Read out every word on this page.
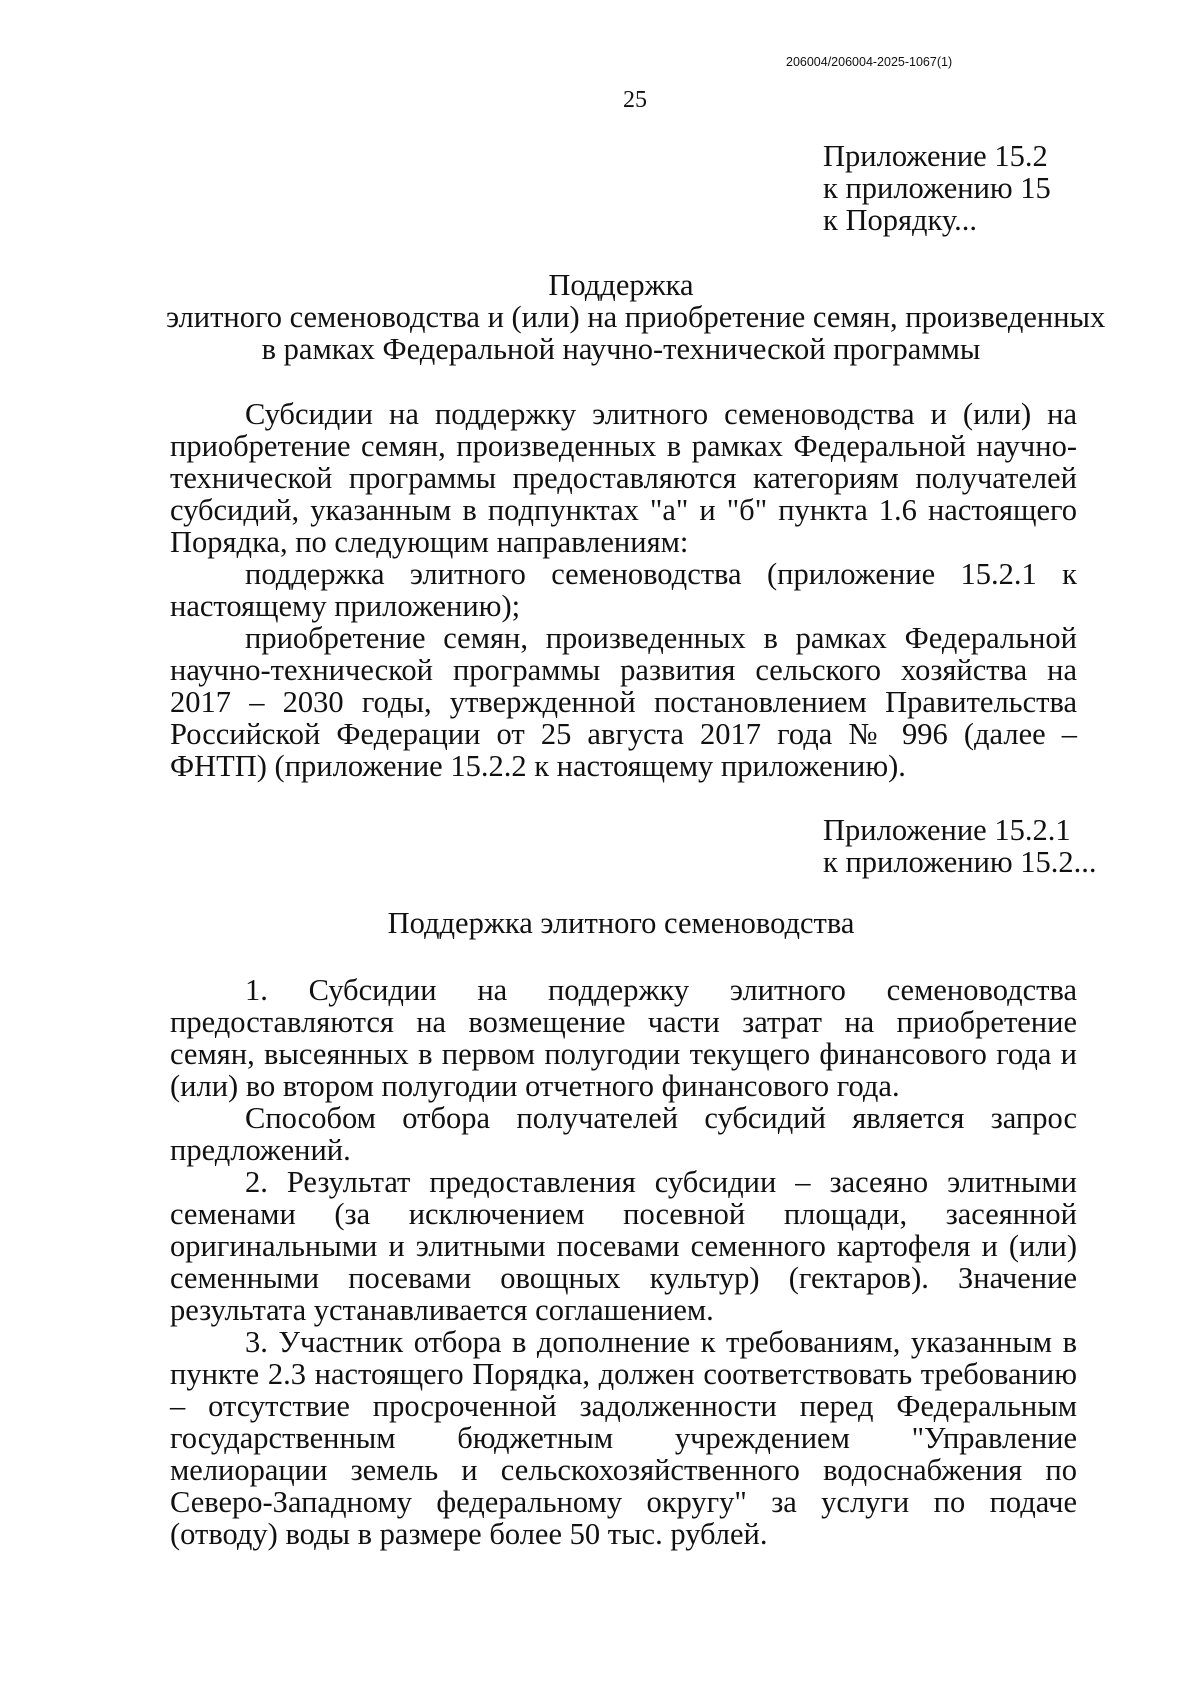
206004/206004-2025-1067(1)
25
Приложение 15.2
к приложению 15
к Порядку...
Поддержка
элитного семеноводства и (или) на приобретение семян, произведенных
в рамках Федеральной научно-технической программы

Субсидии на поддержку элитного семеноводства и (или) на приобретение семян, произведенных в рамках Федеральной научно-технической программы предоставляются категориям получателей субсидий, указанным в подпунктах "а" и "б" пункта 1.6 настоящего Порядка, по следующим направлениям:

поддержка элитного семеноводства (приложение 15.2.1 к настоящему приложению);

приобретение семян, произведенных в рамках Федеральной научно-технической программы развития сельского хозяйства на 2017 – 2030 годы, утвержденной постановлением Правительства Российской Федерации от 25 августа 2017 года № 996 (далее – ФНТП) (приложение 15.2.2 к настоящему приложению).

Приложение 15.2.1
к приложению 15.2...
Поддержка элитного семеноводства

1. Субсидии на поддержку элитного семеноводства предоставляются на возмещение части затрат на приобретение семян, высеянных в первом полугодии текущего финансового года и (или) во втором полугодии отчетного финансового года.

Способом отбора получателей субсидий является запрос предложений.

2. Результат предоставления субсидии – засеяно элитными семенами (за исключением посевной площади, засеянной оригинальными и элитными посевами семенного картофеля и (или) семенными посевами овощных культур) (гектаров). Значение результата устанавливается соглашением.

3. Участник отбора в дополнение к требованиям, указанным в пункте 2.3 настоящего Порядка, должен соответствовать требованию – отсутствие просроченной задолженности перед Федеральным государственным бюджетным учреждением "Управление мелиорации земель и сельскохозяйственного водоснабжения по Северо-Западному федеральному округу" за услуги по подаче (отводу) воды в размере более 50 тыс. рублей.
